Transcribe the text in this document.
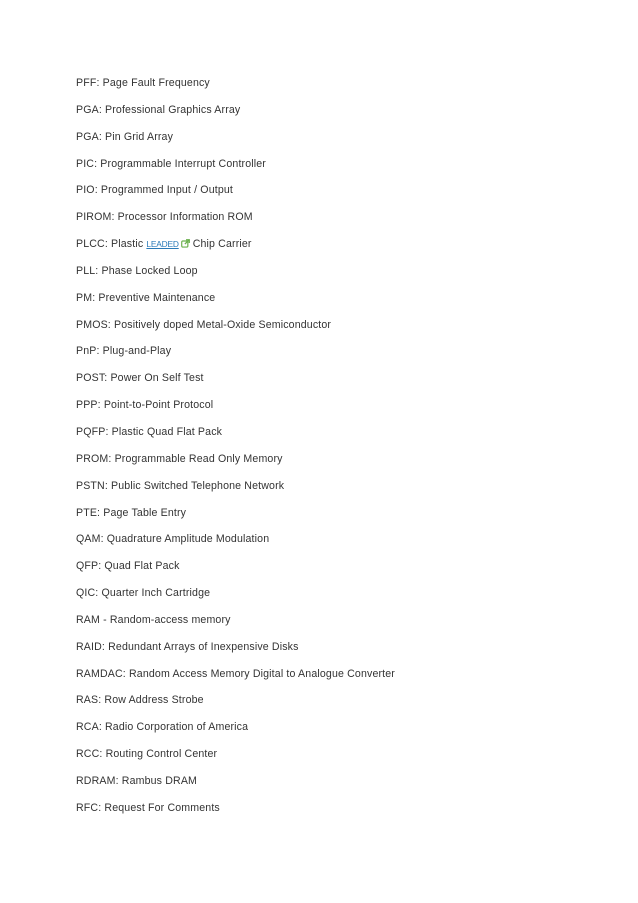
PFF: Page Fault Frequency
PGA: Professional Graphics Array
PGA: Pin Grid Array
PIC: Programmable Interrupt Controller
PIO: Programmed Input / Output
PIROM: Processor Information ROM
PLCC: Plastic LEADED Chip Carrier
PLL: Phase Locked Loop
PM: Preventive Maintenance
PMOS: Positively doped Metal-Oxide Semiconductor
PnP: Plug-and-Play
POST: Power On Self Test
PPP: Point-to-Point Protocol
PQFP: Plastic Quad Flat Pack
PROM: Programmable Read Only Memory
PSTN: Public Switched Telephone Network
PTE: Page Table Entry
QAM: Quadrature Amplitude Modulation
QFP: Quad Flat Pack
QIC: Quarter Inch Cartridge
RAM - Random-access memory
RAID: Redundant Arrays of Inexpensive Disks
RAMDAC: Random Access Memory Digital to Analogue Converter
RAS: Row Address Strobe
RCA: Radio Corporation of America
RCC: Routing Control Center
RDRAM: Rambus DRAM
RFC: Request For Comments
